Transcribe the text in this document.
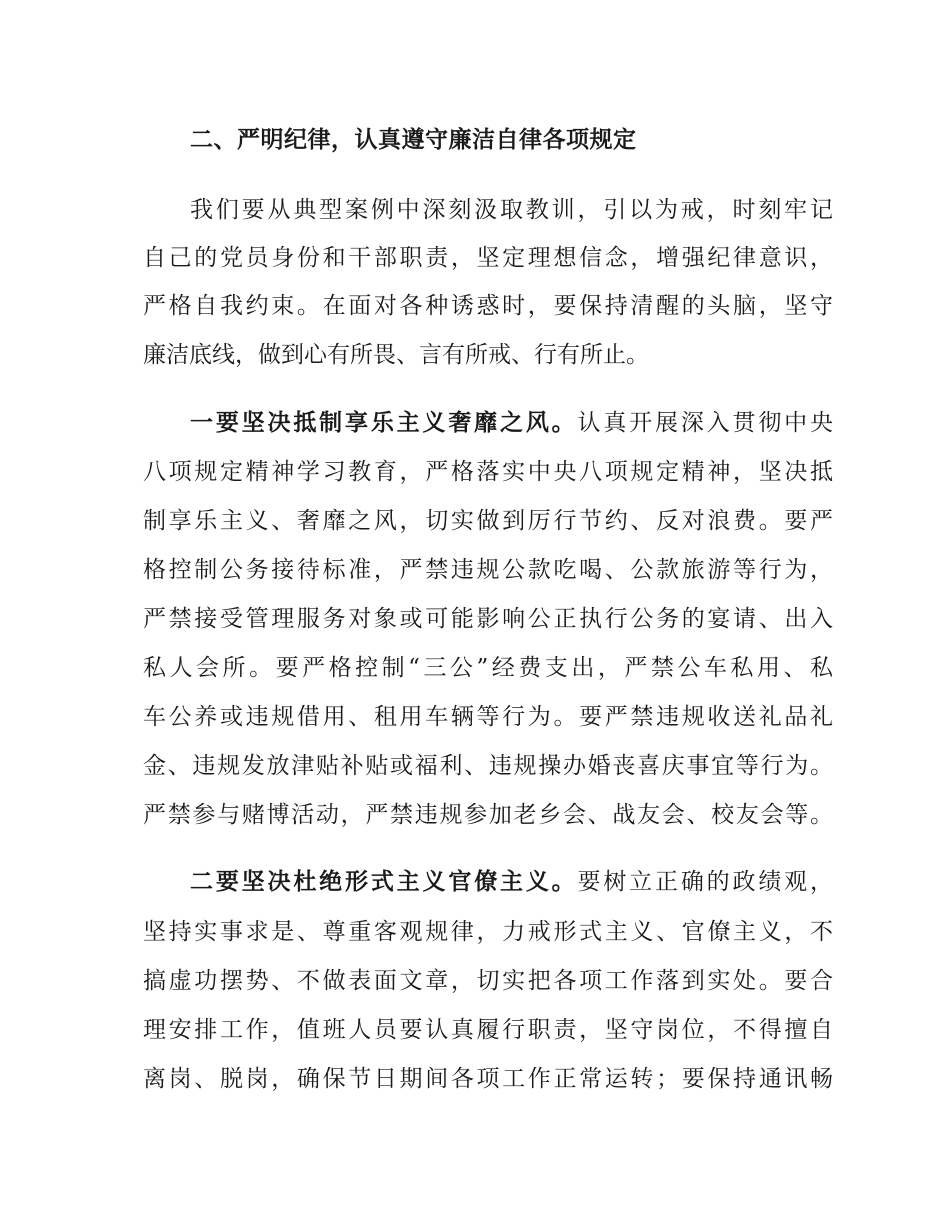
二、严明纪律，认真遵守廉洁自律各项规定
我们要从典型案例中深刻汲取教训，引以为戒，时刻牢记
自己的党员身份和干部职责，坚定理想信念，增强纪律意识，
严格自我约束。在面对各种诱惑时，要保持清醒的头脑，坚守
廉洁底线，做到心有所畏、言有所戒、行有所止。
一要坚决抵制享乐主义奢靡之风。认真开展深入贯彻中央
八项规定精神学习教育，严格落实中央八项规定精神，坚决抵
制享乐主义、奢靡之风，切实做到厉行节约、反对浪费。要严
格控制公务接待标准，严禁违规公款吃喝、公款旅游等行为，
严禁接受管理服务对象或可能影响公正执行公务的宴请、出入
私人会所。要严格控制“三公”经费支出，严禁公车私用、私
车公养或违规借用、租用车辆等行为。要严禁违规收送礼品礼
金、违规发放津贴补贴或福利、违规操办婚丧喜庆事宜等行为。
严禁参与赌博活动，严禁违规参加老乡会、战友会、校友会等。
二要坚决杜绝形式主义官僚主义。要树立正确的政绩观，
坚持实事求是、尊重客观规律，力戒形式主义、官僚主义，不
搞虚功摆势、不做表面文章，切实把各项工作落到实处。要合
理安排工作，值班人员要认真履行职责，坚守岗位，不得擅自
离岗、脱岗，确保节日期间各项工作正常运转；要保持通讯畅
